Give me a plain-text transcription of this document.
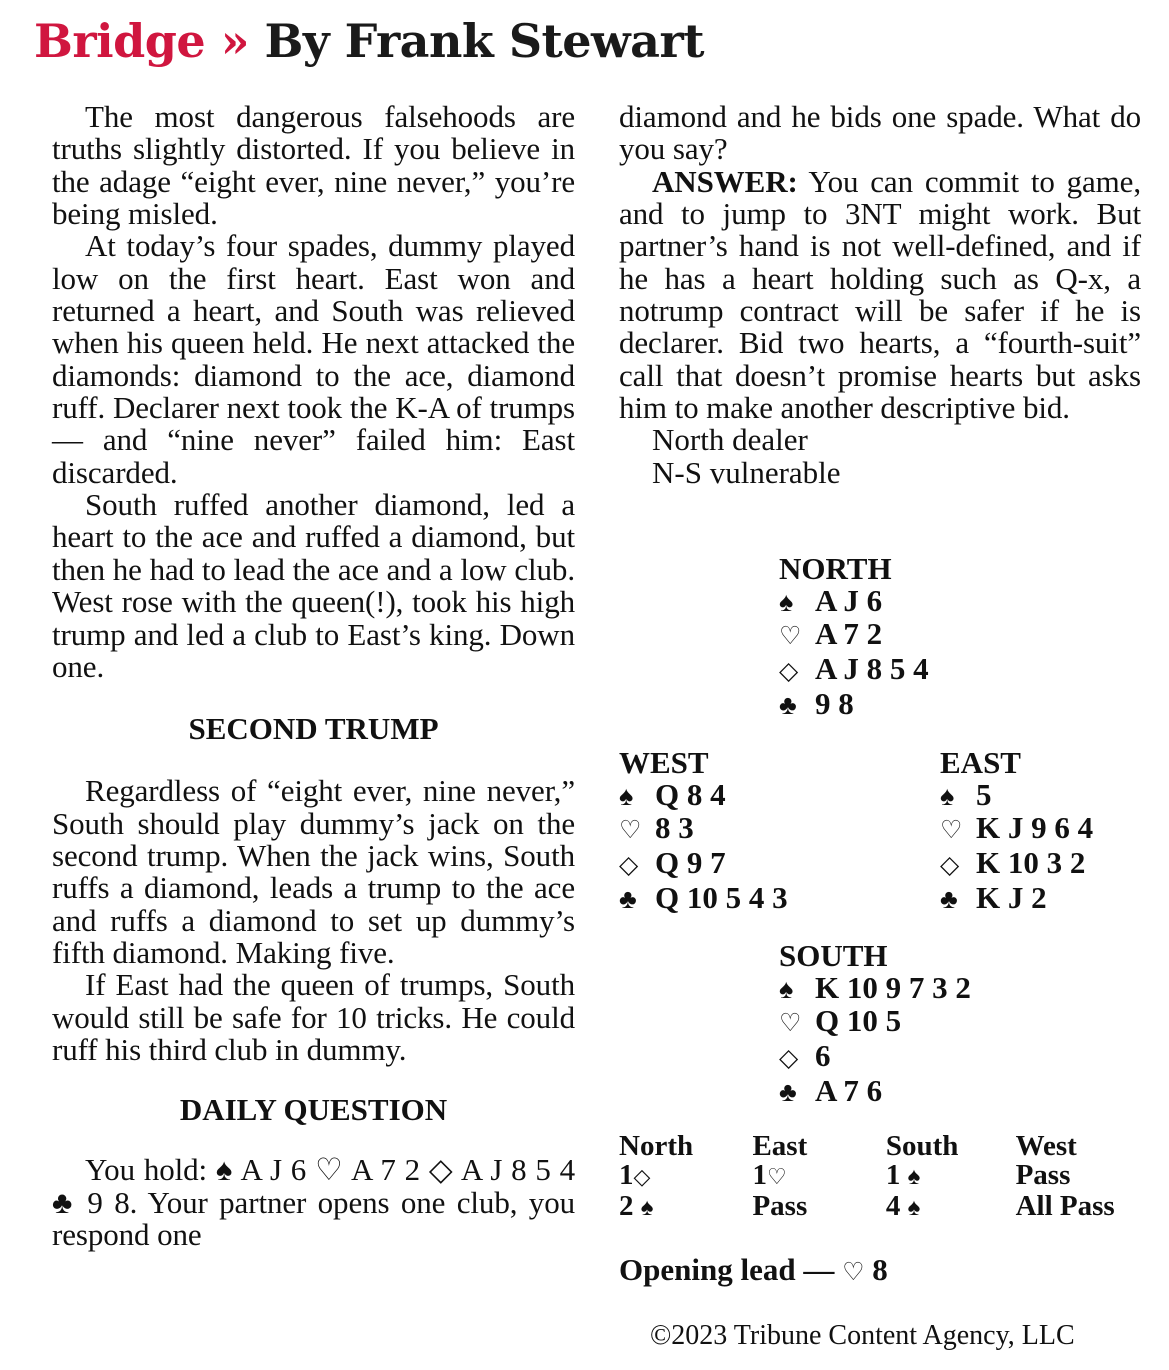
Bridge » By Frank Stewart

The most dangerous falsehoods are truths slightly distorted. If you believe in the adage “eight ever, nine never,” you’re being misled.

At today’s four spades, dummy played low on the first heart. East won and returned a heart, and South was relieved when his queen held. He next attacked the diamonds: diamond to the ace, diamond ruff. Declarer next took the K-A of trumps — and “nine never” failed him: East discarded.

South ruffed another diamond, led a heart to the ace and ruffed a diamond, but then he had to lead the ace and a low club. West rose with the queen(!), took his high trump and led a club to East’s king. Down one.

SECOND TRUMP

Regardless of “eight ever, nine never,” South should play dummy’s jack on the second trump. When the jack wins, South ruffs a diamond, leads a trump to the ace and ruffs a diamond to set up dummy’s fifth diamond. Making five.

If East had the queen of trumps, South would still be safe for 10 tricks. He could ruff his third club in dummy.

DAILY QUESTION

You hold: ♠ A J 6 ♡ A 7 2 ◇ A J 8 5 4 ♣ 9 8. Your partner opens one club, you respond one

diamond and he bids one spade. What do you say?

ANSWER: You can commit to game, and to jump to 3NT might work. But partner’s hand is not well-defined, and if he has a heart holding such as Q-x, a notrump contract will be safer if he is declarer. Bid two hearts, a “fourth-suit” call that doesn’t promise hearts but asks him to make another descriptive bid.

North dealer
N-S vulnerable
NORTH
♠ A J 6
♡ A 7 2
◇ A J 8 5 4
♣ 9 8
WEST
♠ Q 8 4
♡ 8 3
◇ Q 9 7
♣ Q 10 5 4 3
EAST
♠ 5
♡ K J 9 6 4
◇ K 10 3 2
♣ K J 2
SOUTH
♠ K 10 9 7 3 2
♡ Q 10 5
◇ 6
♣ A 7 6
North	East	South	West
1◇	1♡	1 ♠	Pass
2 ♠	Pass	4 ♠	All Pass
Opening lead — ♡ 8
©2023 Tribune Content Agency, LLC
